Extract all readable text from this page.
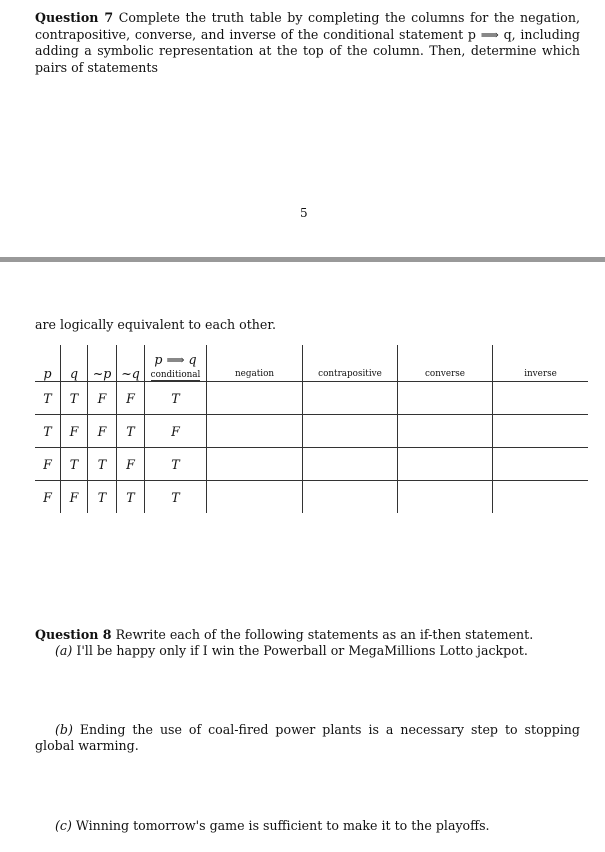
Question 7 Complete the truth table by completing the columns for the negation, contrapositive, converse, and inverse of the conditional statement p ⟹ q, including adding a symbolic representation at the top of the column. Then, determine which pairs of statements
5
are logically equivalent to each other.
p	q	~p	~q	p ⟹ q
conditional	negation	contrapositive	converse	inverse
T	T	F	F	T				
T	F	F	T	F				
F	T	T	F	T				
F	F	T	T	T				
Question 8 Rewrite each of the following statements as an if-then statement.
(a) I'll be happy only if I win the Powerball or MegaMillions Lotto jackpot.
(b) Ending the use of coal-fired power plants is a necessary step to stopping global warming.
(c) Winning tomorrow's game is sufficient to make it to the playoffs.
